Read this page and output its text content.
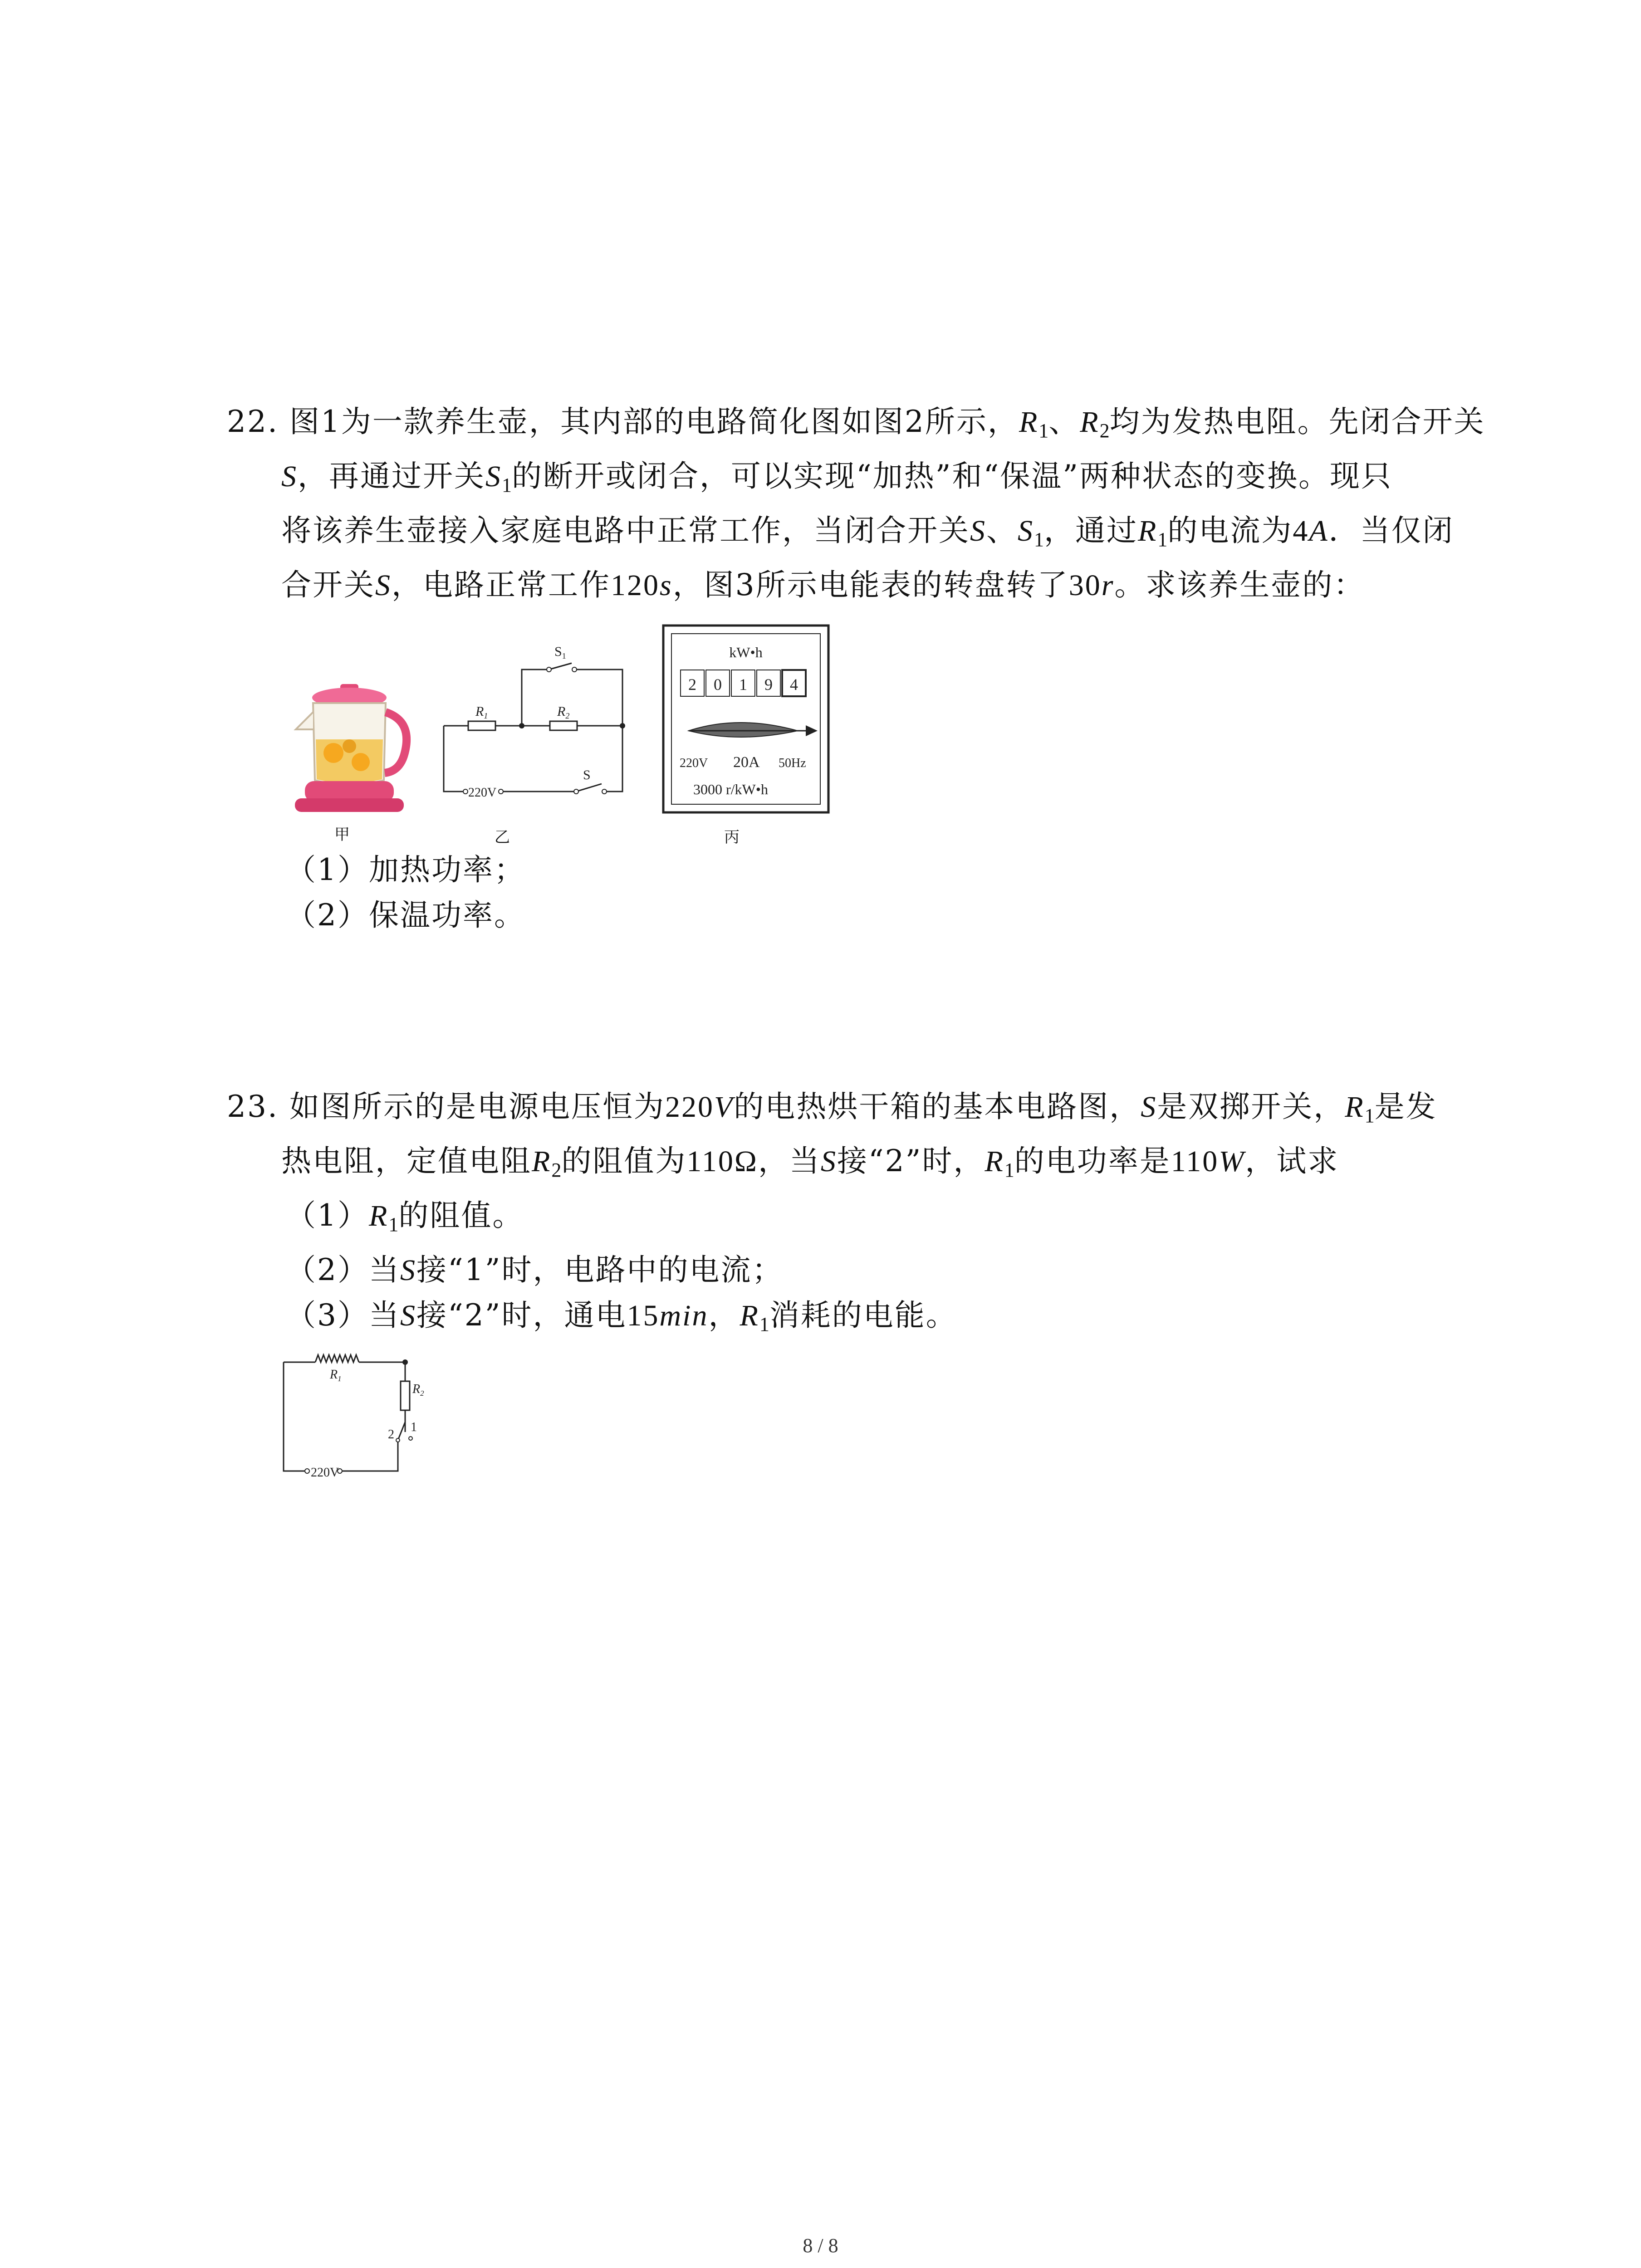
22. 图1为一款养生壶，其内部的电路简化图如图2所示，$R_1$、$R_2$均为发热电阻。先闭合开关
S，再通过开关$S_1$的断开或闭合，可以实现“加热”和“保温”两种状态的变换。现只
将该养生壶接入家庭电路中正常工作，当闭合开关S、$S_1$，通过$R_1$的电流为4A．当仅闭
合开关S，电路正常工作120s，图3所示电能表的转盘转了30r。求该养生壶的：
甲
$R_1$	$R_2$
$S_1$
S
220V
乙
kW•h
2 0 1 9 4
220V 20A 50Hz
3000 r/kW•h
丙
（1）加热功率；
（2）保温功率。
23. 如图所示的是电源电压恒为220V的电热烘干箱的基本电路图，S是双掷开关，$R_1$是发
热电阻，定值电阻$R_2$的阻值为110Ω，当S接“2”时，$R_1$的电功率是110W，试求
$(1)R_1$的阻值。
（2）当S接“1”时，电路中的电流；
（3）当S接“2”时，通电15min，$R_1$消耗的电能。
$R_1$
$R_2$
2
1
220V
8 / 8
